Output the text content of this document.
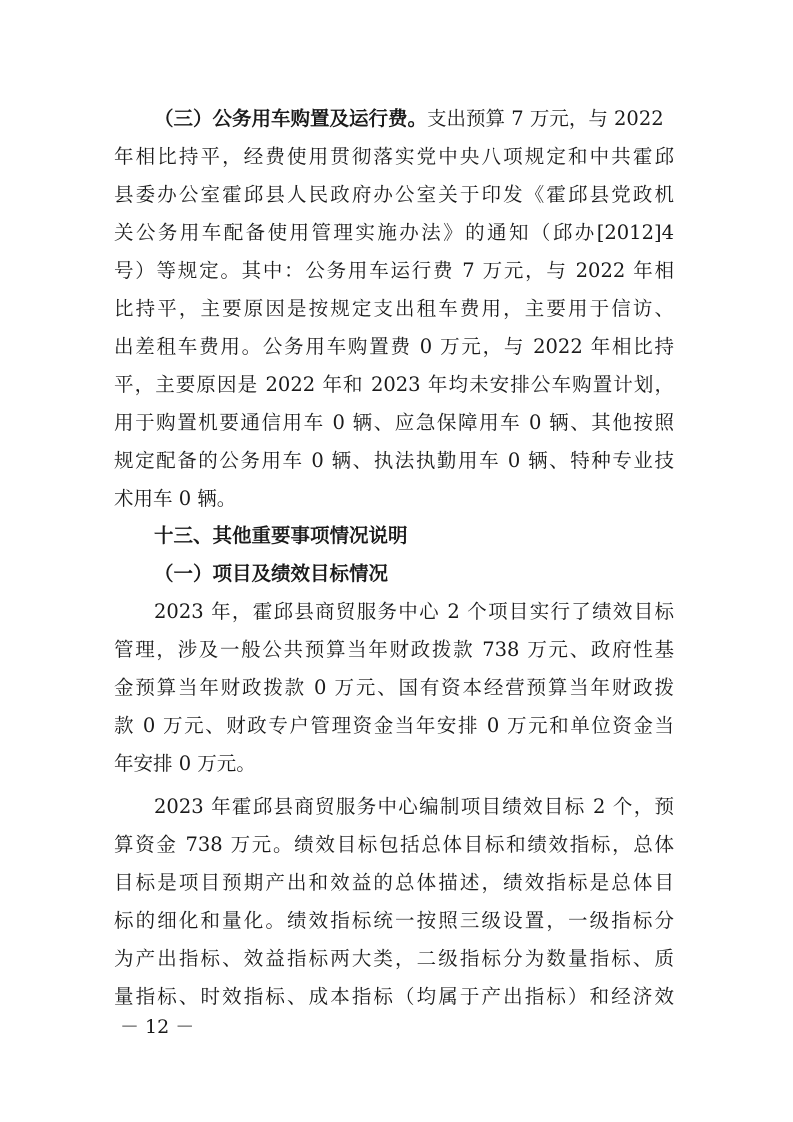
（三）公务用车购置及运行费。支出预算 7 万元，与 2022
年相比持平，经费使用贯彻落实党中央八项规定和中共霍邱
县委办公室霍邱县人民政府办公室关于印发《霍邱县党政机
关公务用车配备使用管理实施办法》的通知（邱办[2012]4
号）等规定。其中：公务用车运行费 7 万元，与 2022 年相
比持平，主要原因是按规定支出租车费用，主要用于信访、
出差租车费用。公务用车购置费 0 万元，与 2022 年相比持
平，主要原因是 2022 年和 2023 年均未安排公车购置计划，
用于购置机要通信用车 0 辆、应急保障用车 0 辆、其他按照
规定配备的公务用车 0 辆、执法执勤用车 0 辆、特种专业技
术用车 0 辆。
十三、其他重要事项情况说明
（一）项目及绩效目标情况
2023 年，霍邱县商贸服务中心 2 个项目实行了绩效目标
管理，涉及一般公共预算当年财政拨款 738 万元、政府性基
金预算当年财政拨款 0 万元、国有资本经营预算当年财政拨
款 0 万元、财政专户管理资金当年安排 0 万元和单位资金当
年安排 0 万元。
2023 年霍邱县商贸服务中心编制项目绩效目标 2 个，预
算资金 738 万元。绩效目标包括总体目标和绩效指标，总体
目标是项目预期产出和效益的总体描述，绩效指标是总体目
标的细化和量化。绩效指标统一按照三级设置，一级指标分
为产出指标、效益指标两大类，二级指标分为数量指标、质
量指标、时效指标、成本指标（均属于产出指标）和经济效
－ 12 －
